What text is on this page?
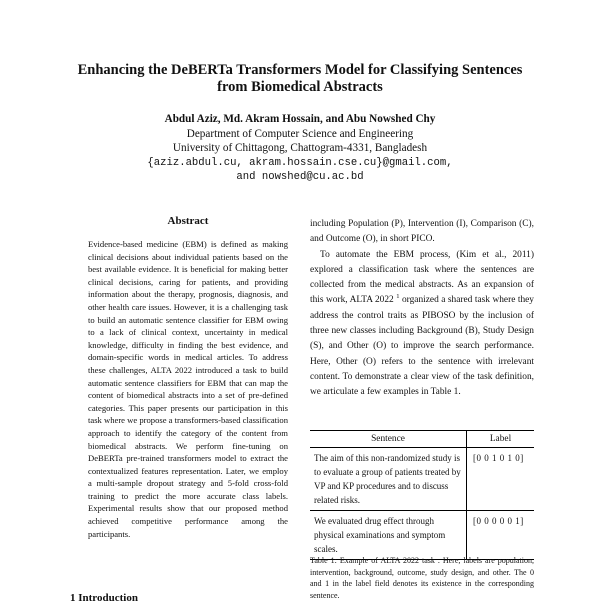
Enhancing the DeBERTa Transformers Model for Classifying Sentences
from Biomedical Abstracts
Abdul Aziz, Md. Akram Hossain, and Abu Nowshed Chy
Department of Computer Science and Engineering
University of Chittagong, Chattogram-4331, Bangladesh
{aziz.abdul.cu, akram.hossain.cse.cu}@gmail.com,
and nowshed@cu.ac.bd
Abstract
Evidence-based medicine (EBM) is defined as making clinical decisions about individual patients based on the best available evidence. It is beneficial for making better clinical decisions, caring for patients, and providing information about the therapy, prognosis, diagnosis, and other health care issues. However, it is a challenging task to build an automatic sentence classifier for EBM owing to a lack of clinical context, uncertainty in medical knowledge, difficulty in finding the best evidence, and domain-specific words in medical articles. To address these challenges, ALTA 2022 introduced a task to build automatic sentence classifiers for EBM that can map the content of biomedical abstracts into a set of pre-defined categories. This paper presents our participation in this task where we propose a transformers-based classification approach to identify the category of the content from biomedical abstracts. We perform fine-tuning on DeBERTa pre-trained transformers model to extract the contextualized features representation. Later, we employ a multi-sample dropout strategy and 5-fold cross-fold training to predict the more accurate class labels. Experimental results show that our proposed method achieved competitive performance among the participants.
1 Introduction

including Population (P), Intervention (I), Comparison (C), and Outcome (O), in short PICO.

To automate the EBM process, (Kim et al., 2011) explored a classification task where the sentences are collected from the medical abstracts. As an expansion of this work, ALTA 2022 $^1$ organized a shared task where they address the control traits as PIBOSO by the inclusion of three new classes including Background (B), Study Design (S), and Other (O) to improve the search performance. Here, Other (O) refers to the sentence with irrelevant content. To demonstrate a clear view of the task definition, we articulate a few examples in Table 1.

Sentence	Label
The aim of this non-randomized study is to evaluate a group of patients treated by VP and KP procedures and to discuss related risks.	[0 0 1 0 1 0]
We evaluated drug effect through physical examinations and symptom scales.	[0 0 0 0 0 1]
Table 1: Example of ALTA 2022 task . Here, labels are population, intervention, background, outcome, study design, and other. The 0 and 1 in the label field denotes its existence in the corresponding sentence.
